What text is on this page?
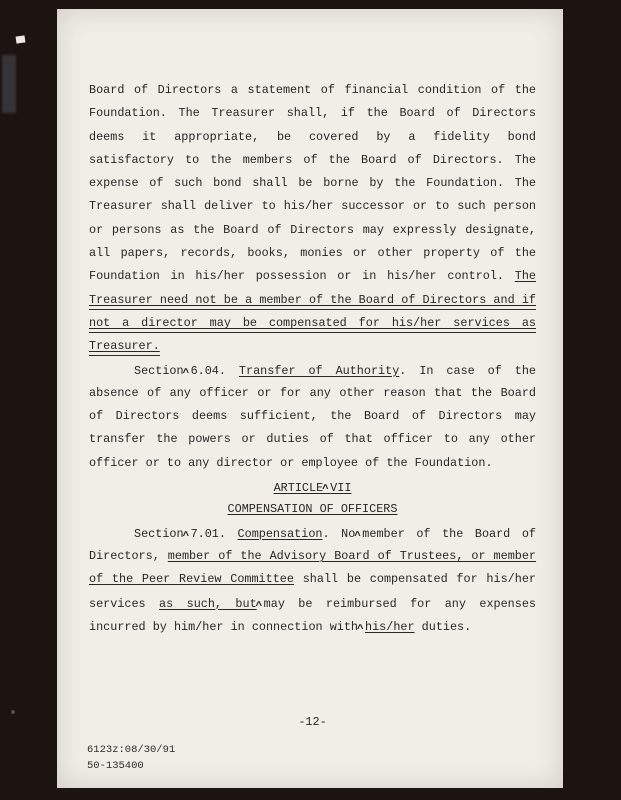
Board of Directors a statement of financial condition of the
Foundation. The Treasurer shall, if the Board of Directors
deems it appropriate, be covered by a fidelity bond
satisfactory to the members of the Board of Directors. The
expense of such bond shall be borne by the Foundation. The
Treasurer shall deliver to his/her successor or to such person
or persons as the Board of Directors may expressly designate,
all papers, records, books, monies or other property of the
Foundation in his/her possession or in his/her control. The
Treasurer need not be a member of the Board of Directors and if
not a director may be compensated for his/her services as
Treasurer.
Section ^ 6.04. Transfer of Authority. In case of the
absence of any officer or for any other reason that the Board
of Directors deems sufficient, the Board of Directors may
transfer the powers or duties of that officer to any other
officer or to any director or employee of the Foundation.
ARTICLE ^ VII
COMPENSATION OF OFFICERS
Section ^ 7.01. Compensation. No ^ member of the Board of
Directors, member of the Advisory Board of Trustees, or member
of the Peer Review Committee shall be compensated for his/her
services as such, but ^ may be reimbursed for any expenses
incurred by him/her in connection with ^ his/her duties.
-12-
6123z:08/30/91
50-135400
